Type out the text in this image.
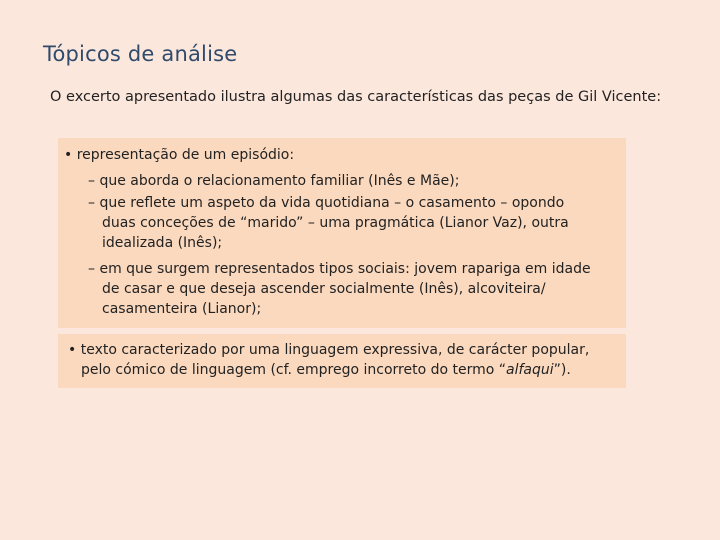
Tópicos de análise
O excerto apresentado ilustra algumas das características das peças de Gil Vicente:
• representação de um episódio:
– que aborda o relacionamento familiar (Inês e Mãe);
– que reflete um aspeto da vida quotidiana – o casamento – opondo
duas conceções de “marido” – uma pragmática (Lianor Vaz), outra
idealizada (Inês);
– em que surgem representados tipos sociais: jovem rapariga em idade
de casar e que deseja ascender socialmente (Inês), alcoviteira/
casamenteira (Lianor);
• texto caracterizado por uma linguagem expressiva, de carácter popular,
pelo cómico de linguagem (cf. emprego incorreto do termo “alfaqui”).
